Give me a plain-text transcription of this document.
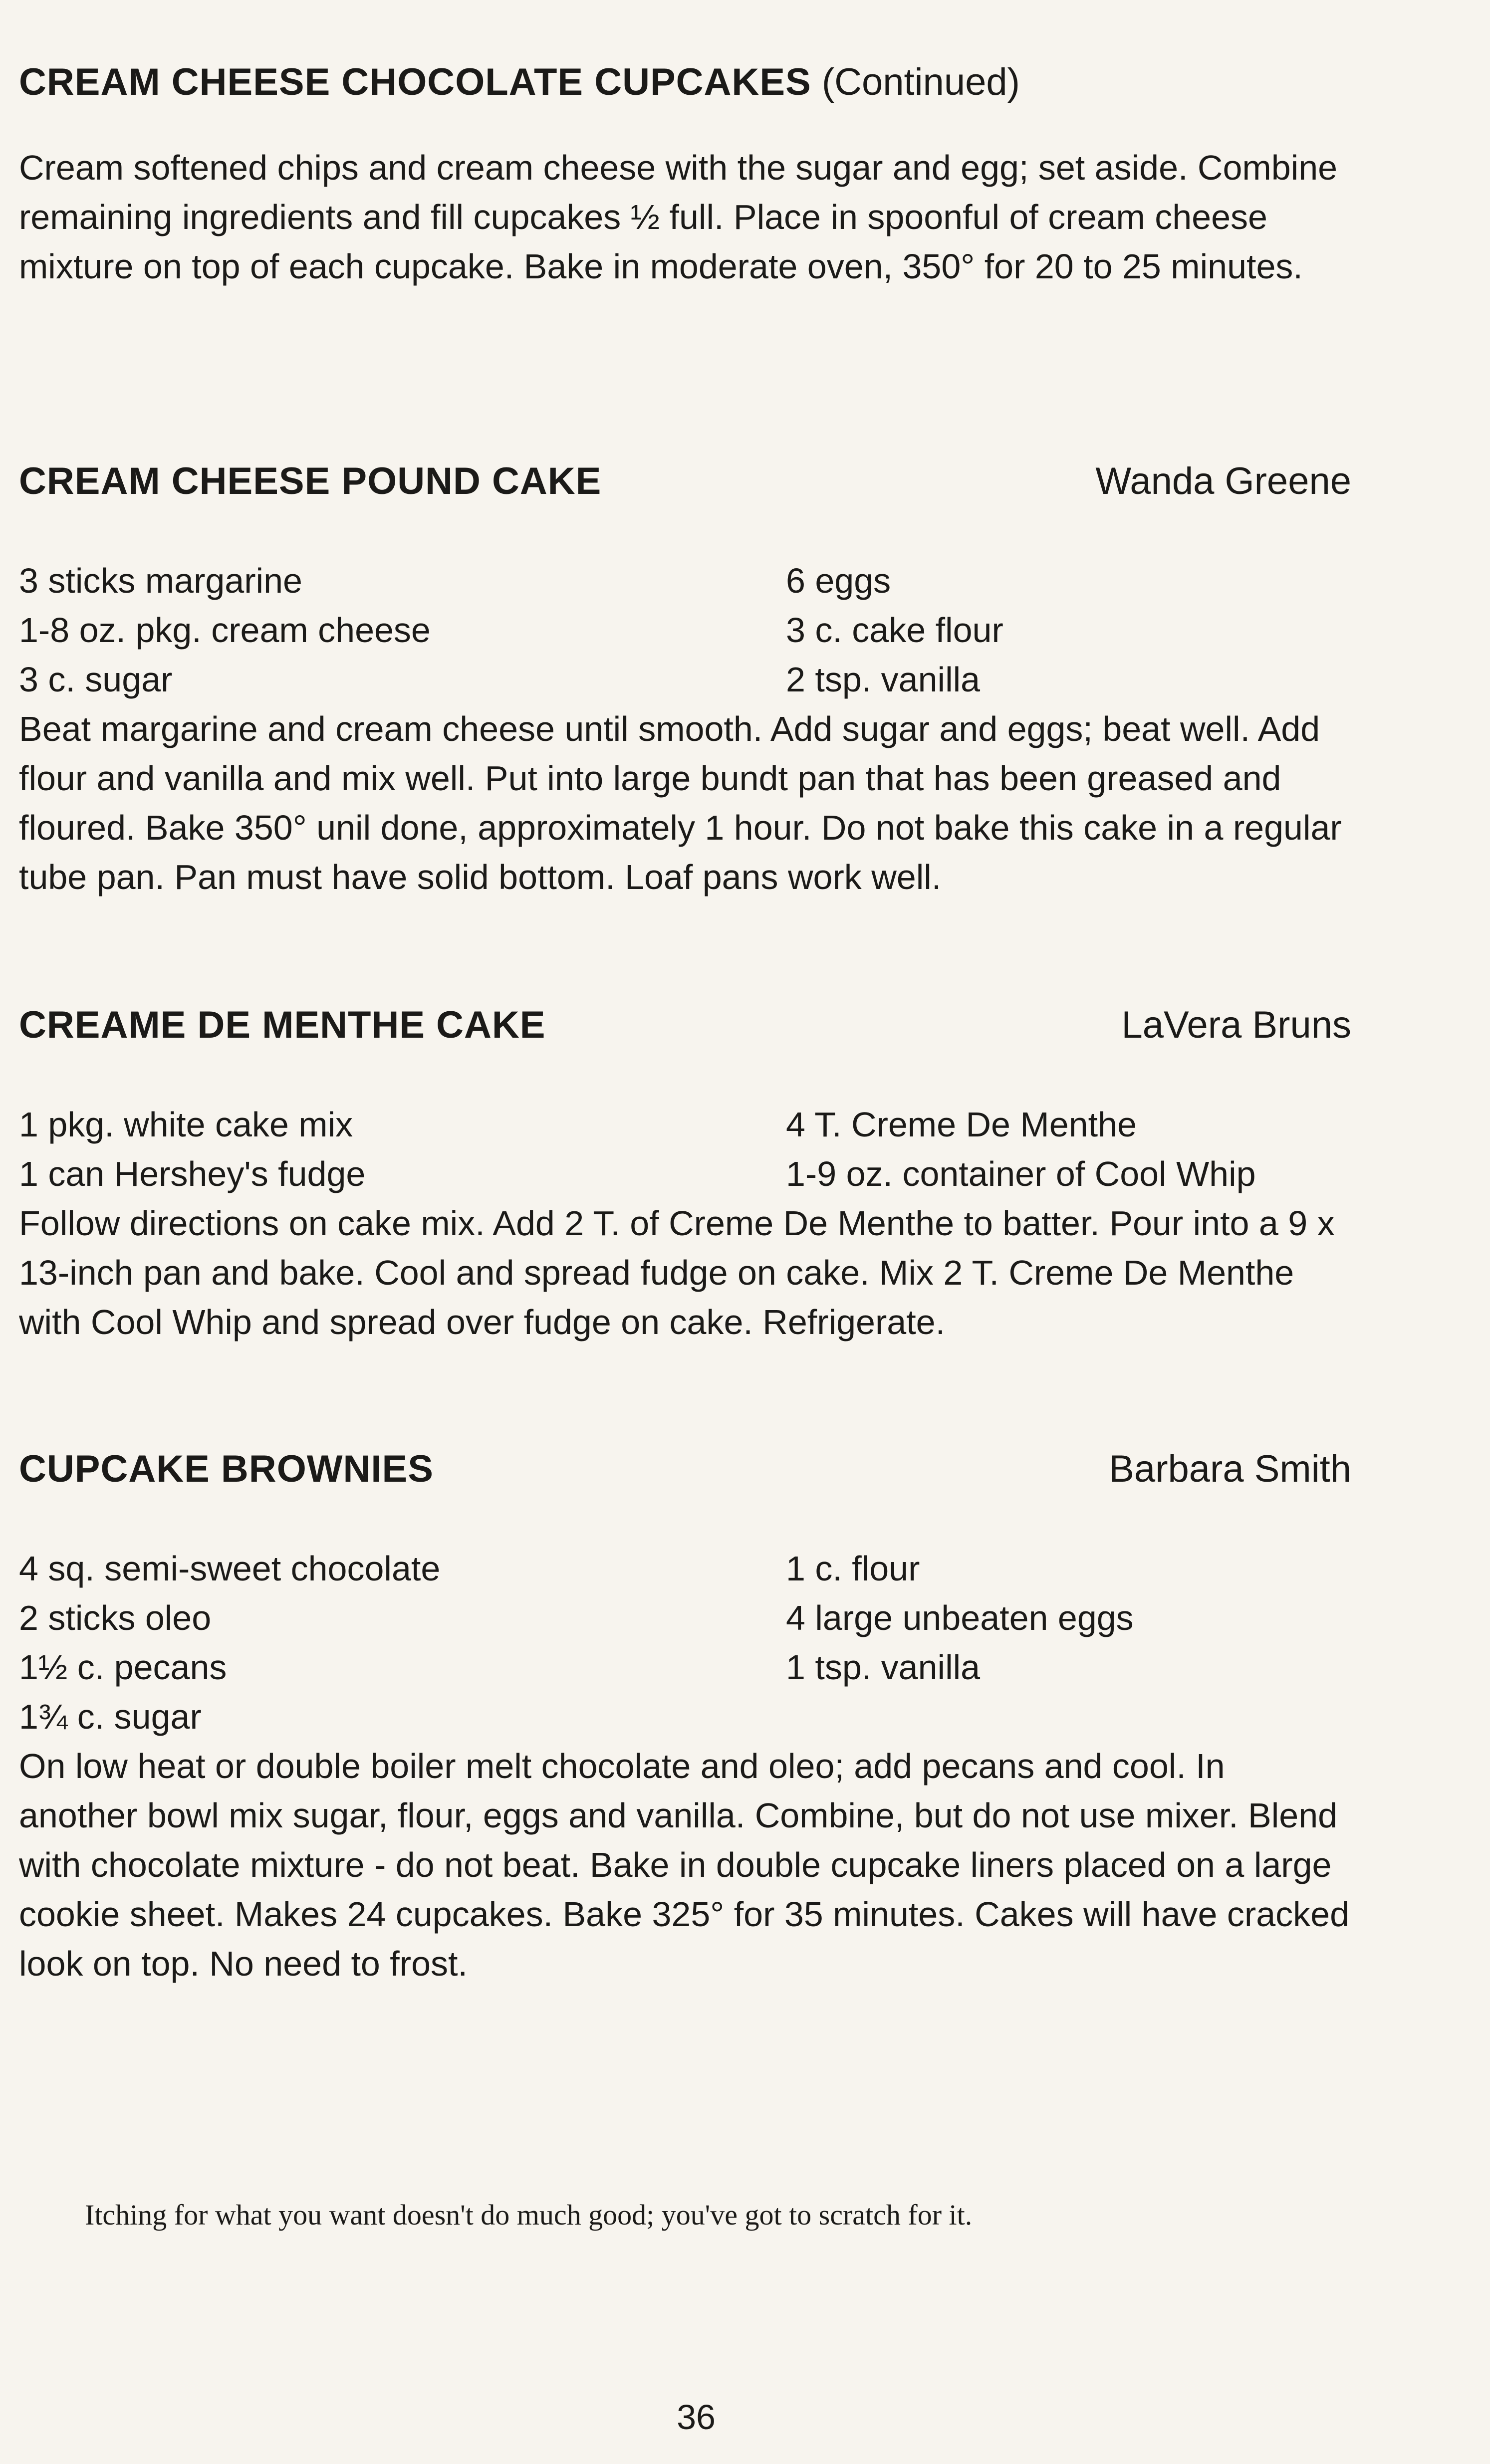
CREAM CHEESE CHOCOLATE CUPCAKES (Continued)

Cream softened chips and cream cheese with the sugar and egg; set aside. Combine remaining ingredients and fill cupcakes ½ full. Place in spoonful of cream cheese mixture on top of each cupcake. Bake in moderate oven, 350° for 20 to 25 minutes.

CREAM CHEESE POUND CAKE	Wanda Greene
3 sticks margarine	6 eggs
1-8 oz. pkg. cream cheese	3 c. cake flour
3 c. sugar	2 tsp. vanilla

Beat margarine and cream cheese until smooth. Add sugar and eggs; beat well. Add flour and vanilla and mix well. Put into large bundt pan that has been greased and floured. Bake 350° unil done, approximately 1 hour. Do not bake this cake in a regular tube pan. Pan must have solid bottom. Loaf pans work well.

CREAME DE MENTHE CAKE	LaVera Bruns
1 pkg. white cake mix	4 T. Creme De Menthe
1 can Hershey's fudge	1-9 oz. container of Cool Whip

Follow directions on cake mix. Add 2 T. of Creme De Menthe to batter. Pour into a 9 x 13-inch pan and bake. Cool and spread fudge on cake. Mix 2 T. Creme De Menthe with Cool Whip and spread over fudge on cake. Refrigerate.

CUPCAKE BROWNIES	Barbara Smith
4 sq. semi-sweet chocolate	1 c. flour
2 sticks oleo	4 large unbeaten eggs
1½ c. pecans	1 tsp. vanilla
1¾ c. sugar

On low heat or double boiler melt chocolate and oleo; add pecans and cool. In another bowl mix sugar, flour, eggs and vanilla. Combine, but do not use mixer. Blend with chocolate mixture - do not beat. Bake in double cupcake liners placed on a large cookie sheet. Makes 24 cupcakes. Bake 325° for 35 minutes. Cakes will have cracked look on top. No need to frost.

Itching for what you want doesn't do much good; you've got to scratch for it.
36
